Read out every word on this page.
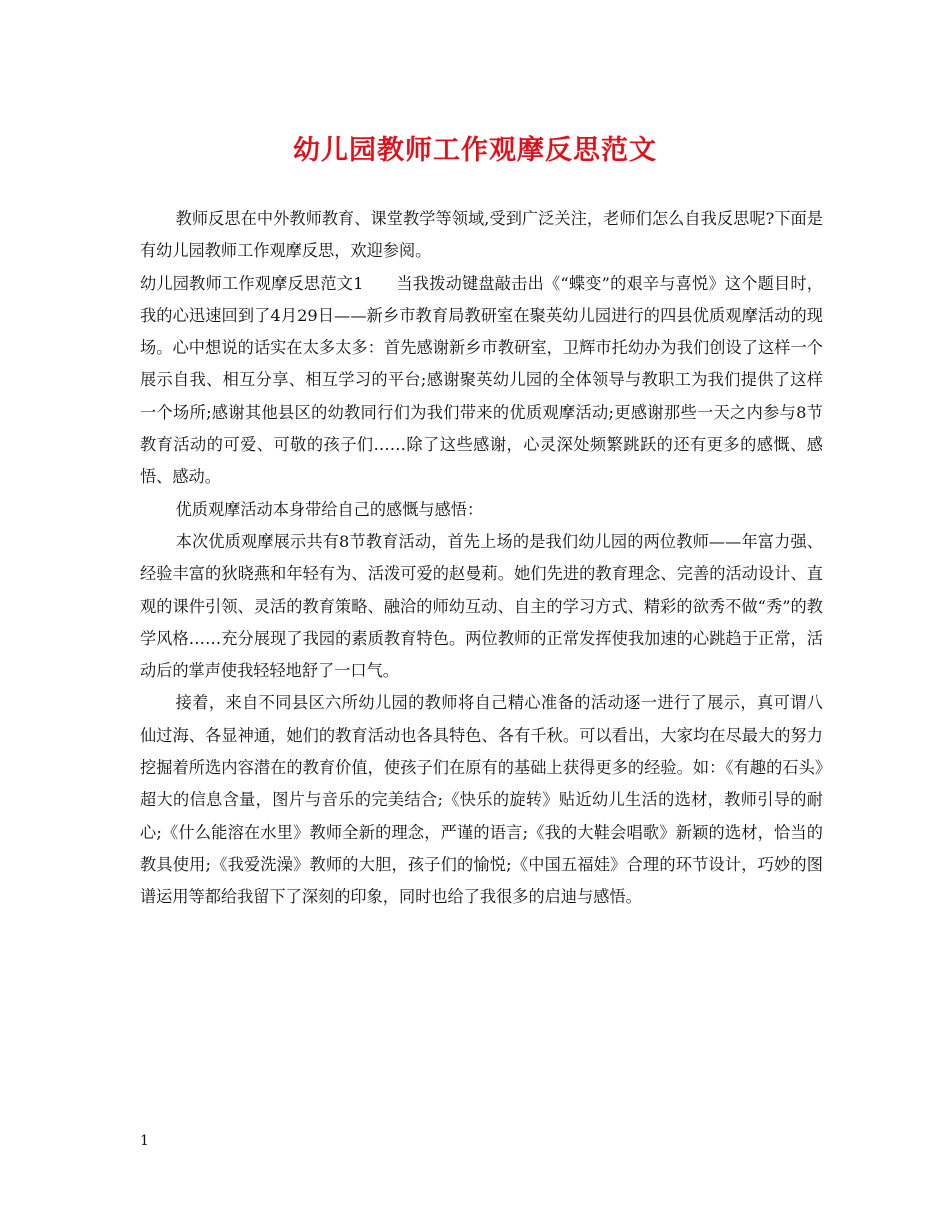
幼儿园教师工作观摩反思范文

教师反思在中外教师教育、课堂教学等领域,受到广泛关注，老师们怎么自我反思呢?下面是有幼儿园教师工作观摩反思，欢迎参阅。

幼儿园教师工作观摩反思范文1　　当我拨动键盘敲击出《“蝶变”的艰辛与喜悦》这个题目时，我的心迅速回到了4月29日——新乡市教育局教研室在聚英幼儿园进行的四县优质观摩活动的现场。心中想说的话实在太多太多：首先感谢新乡市教研室，卫辉市托幼办为我们创设了这样一个展示自我、相互分享、相互学习的平台;感谢聚英幼儿园的全体领导与教职工为我们提供了这样一个场所;感谢其他县区的幼教同行们为我们带来的优质观摩活动;更感谢那些一天之内参与8节教育活动的可爱、可敬的孩子们……除了这些感谢，心灵深处频繁跳跃的还有更多的感慨、感悟、感动。

优质观摩活动本身带给自己的感慨与感悟：

本次优质观摩展示共有8节教育活动，首先上场的是我们幼儿园的两位教师——年富力强、经验丰富的狄晓燕和年轻有为、活泼可爱的赵曼莉。她们先进的教育理念、完善的活动设计、直观的课件引领、灵活的教育策略、融洽的师幼互动、自主的学习方式、精彩的欲秀不做“秀”的教学风格……充分展现了我园的素质教育特色。两位教师的正常发挥使我加速的心跳趋于正常，活动后的掌声使我轻轻地舒了一口气。

接着，来自不同县区六所幼儿园的教师将自己精心准备的活动逐一进行了展示，真可谓八仙过海、各显神通，她们的教育活动也各具特色、各有千秋。可以看出，大家均在尽最大的努力挖掘着所选内容潜在的教育价值，使孩子们在原有的基础上获得更多的经验。如：《有趣的石头》超大的信息含量，图片与音乐的完美结合;《快乐的旋转》贴近幼儿生活的选材，教师引导的耐心;《什么能溶在水里》教师全新的理念，严谨的语言;《我的大鞋会唱歌》新颖的选材，恰当的教具使用;《我爱洗澡》教师的大胆，孩子们的愉悦;《中国五福娃》合理的环节设计，巧妙的图谱运用等都给我留下了深刻的印象，同时也给了我很多的启迪与感悟。

1
